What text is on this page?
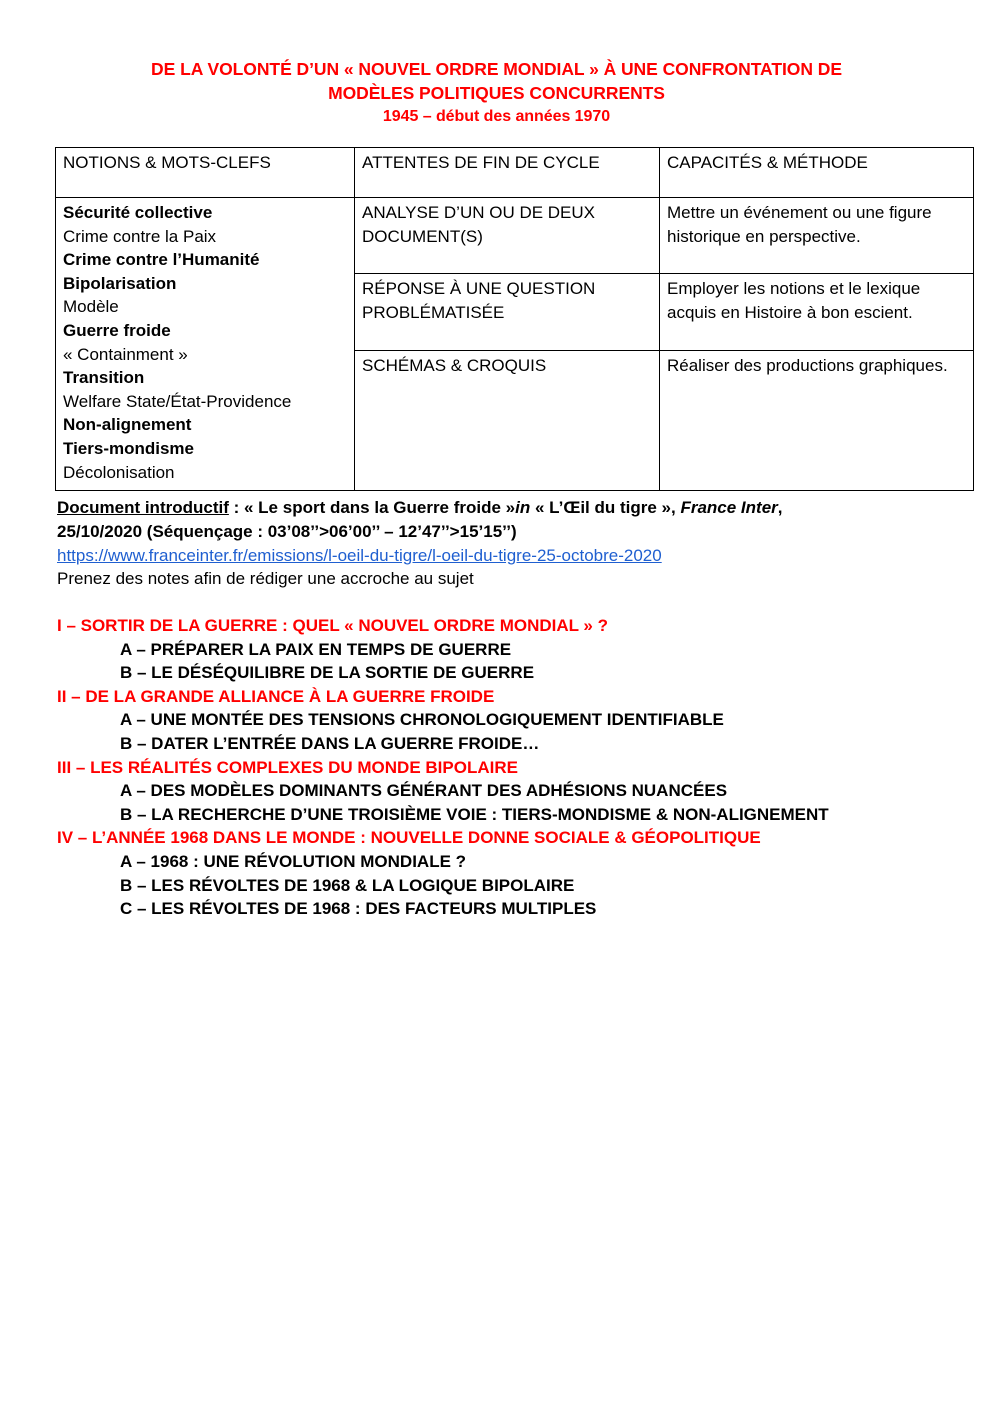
DE LA VOLONTÉ D’UN « NOUVEL ORDRE MONDIAL » À UNE CONFRONTATION DE
MODÈLES POLITIQUES CONCURRENTS
1945 – début des années 1970
NOTIONS & MOTS-CLEFS	ATTENTES DE FIN DE CYCLE	CAPACITÉS & MÉTHODE

Sécurité collective
Crime contre la Paix
Crime contre l’Humanité
Bipolarisation
Modèle
Guerre froide
« Containment »
Transition
Welfare State/État-Providence
Non-alignement
Tiers-mondisme
Décolonisation
	ANALYSE D’UN OU DE DEUX DOCUMENT(S)	Mettre un événement ou une figure historique en perspective.
	RÉPONSE À UNE QUESTION PROBLÉMATISÉE	Employer les notions et le lexique acquis en Histoire à bon escient.
	SCHÉMAS & CROQUIS	Réaliser des productions graphiques.
Document introductif : « Le sport dans la Guerre froide »in « L’Œil du tigre », France Inter,
25/10/2020 (Séquençage : 03’08’’>06’00’’ – 12’47’’>15’15’’)
https://www.franceinter.fr/emissions/l-oeil-du-tigre/l-oeil-du-tigre-25-octobre-2020
Prenez des notes afin de rédiger une accroche au sujet
I – SORTIR DE LA GUERRE : QUEL « NOUVEL ORDRE MONDIAL » ?
A – PRÉPARER LA PAIX EN TEMPS DE GUERRE
B – LE DÉSÉQUILIBRE DE LA SORTIE DE GUERRE
II – DE LA GRANDE ALLIANCE À LA GUERRE FROIDE
A – UNE MONTÉE DES TENSIONS CHRONOLOGIQUEMENT IDENTIFIABLE
B – DATER L’ENTRÉE DANS LA GUERRE FROIDE…
III – LES RÉALITÉS COMPLEXES DU MONDE BIPOLAIRE
A – DES MODÈLES DOMINANTS GÉNÉRANT DES ADHÉSIONS NUANCÉES
B – LA RECHERCHE D’UNE TROISIÈME VOIE : TIERS-MONDISME & NON-ALIGNEMENT
IV – L’ANNÉE 1968 DANS LE MONDE : NOUVELLE DONNE SOCIALE & GÉOPOLITIQUE
A – 1968 : UNE RÉVOLUTION MONDIALE ?
B – LES RÉVOLTES DE 1968 & LA LOGIQUE BIPOLAIRE
C – LES RÉVOLTES DE 1968 : DES FACTEURS MULTIPLES
